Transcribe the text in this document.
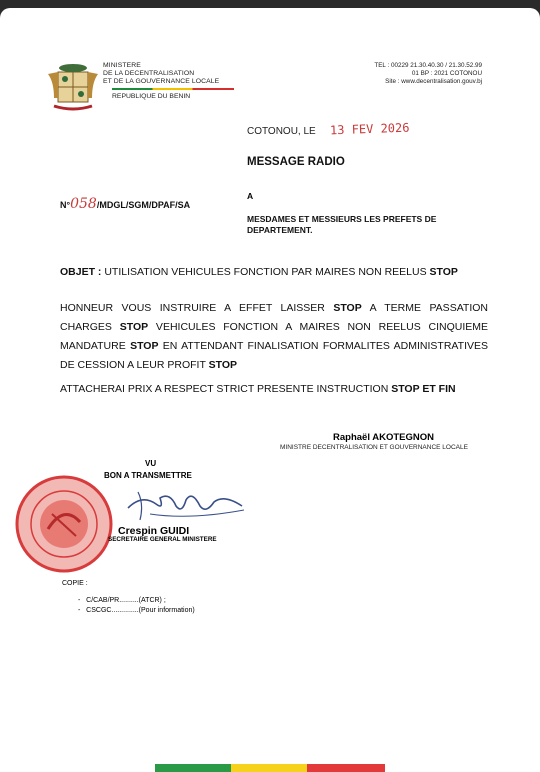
MINISTERE
DE LA DECENTRALISATION
ET DE LA GOUVERNANCE LOCALE
REPUBLIQUE DU BENIN
TEL : 00229 21.30.40.30 / 21.30.52.99
01 BP : 2021 COTONOU
Site : www.decentralisation.gouv.bj
COTONOU, LE 13 FEV 2026
MESSAGE RADIO
N°058/MDGL/SGM/DPAF/SA
A
MESDAMES ET MESSIEURS LES PREFETS DE DEPARTEMENT.
OBJET : UTILISATION VEHICULES FONCTION PAR MAIRES NON REELUS STOP
HONNEUR VOUS INSTRUIRE A EFFET LAISSER STOP A TERME PASSATION CHARGES STOP VEHICULES FONCTION A MAIRES NON REELUS CINQUIEME MANDATURE STOP EN ATTENDANT FINALISATION FORMALITES ADMINISTRATIVES DE CESSION A LEUR PROFIT STOP
ATTACHERAI PRIX A RESPECT STRICT PRESENTE INSTRUCTION STOP ET FIN
Raphaël AKOTEGNON
MINISTRE DECENTRALISATION ET GOUVERNANCE LOCALE
VU
BON A TRANSMETTRE
Crespin GUIDI
SECRETAIRE GENERAL MINISTERE
COPIE :
-   C/CAB/PR..........(ATCR) ;
-   CSCGC..............(Pour information)
